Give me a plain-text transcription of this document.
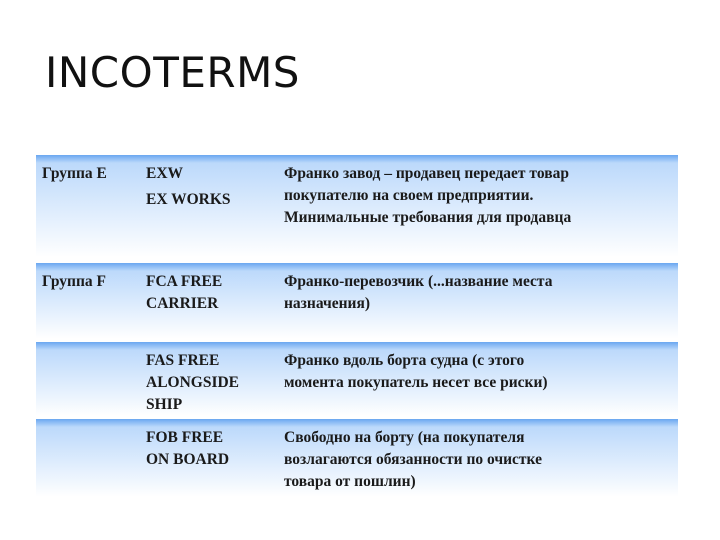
INCOTERMS
Группа E	EXW
EX WORKS
Франко завод – продавец передает товар
покупателю на своем предприятии.
Минимальные требования для продавца
Группа F	FCA FREE
CARRIER
Франко-перевозчик (...название места
назначения)
FAS FREE
ALONGSIDE
SHIP
Франко вдоль борта судна (с этого
момента покупатель несет все риски)
FOB FREE
ON BOARD
Свободно на борту (на покупателя
возлагаются обязанности по очистке
товара от пошлин)
